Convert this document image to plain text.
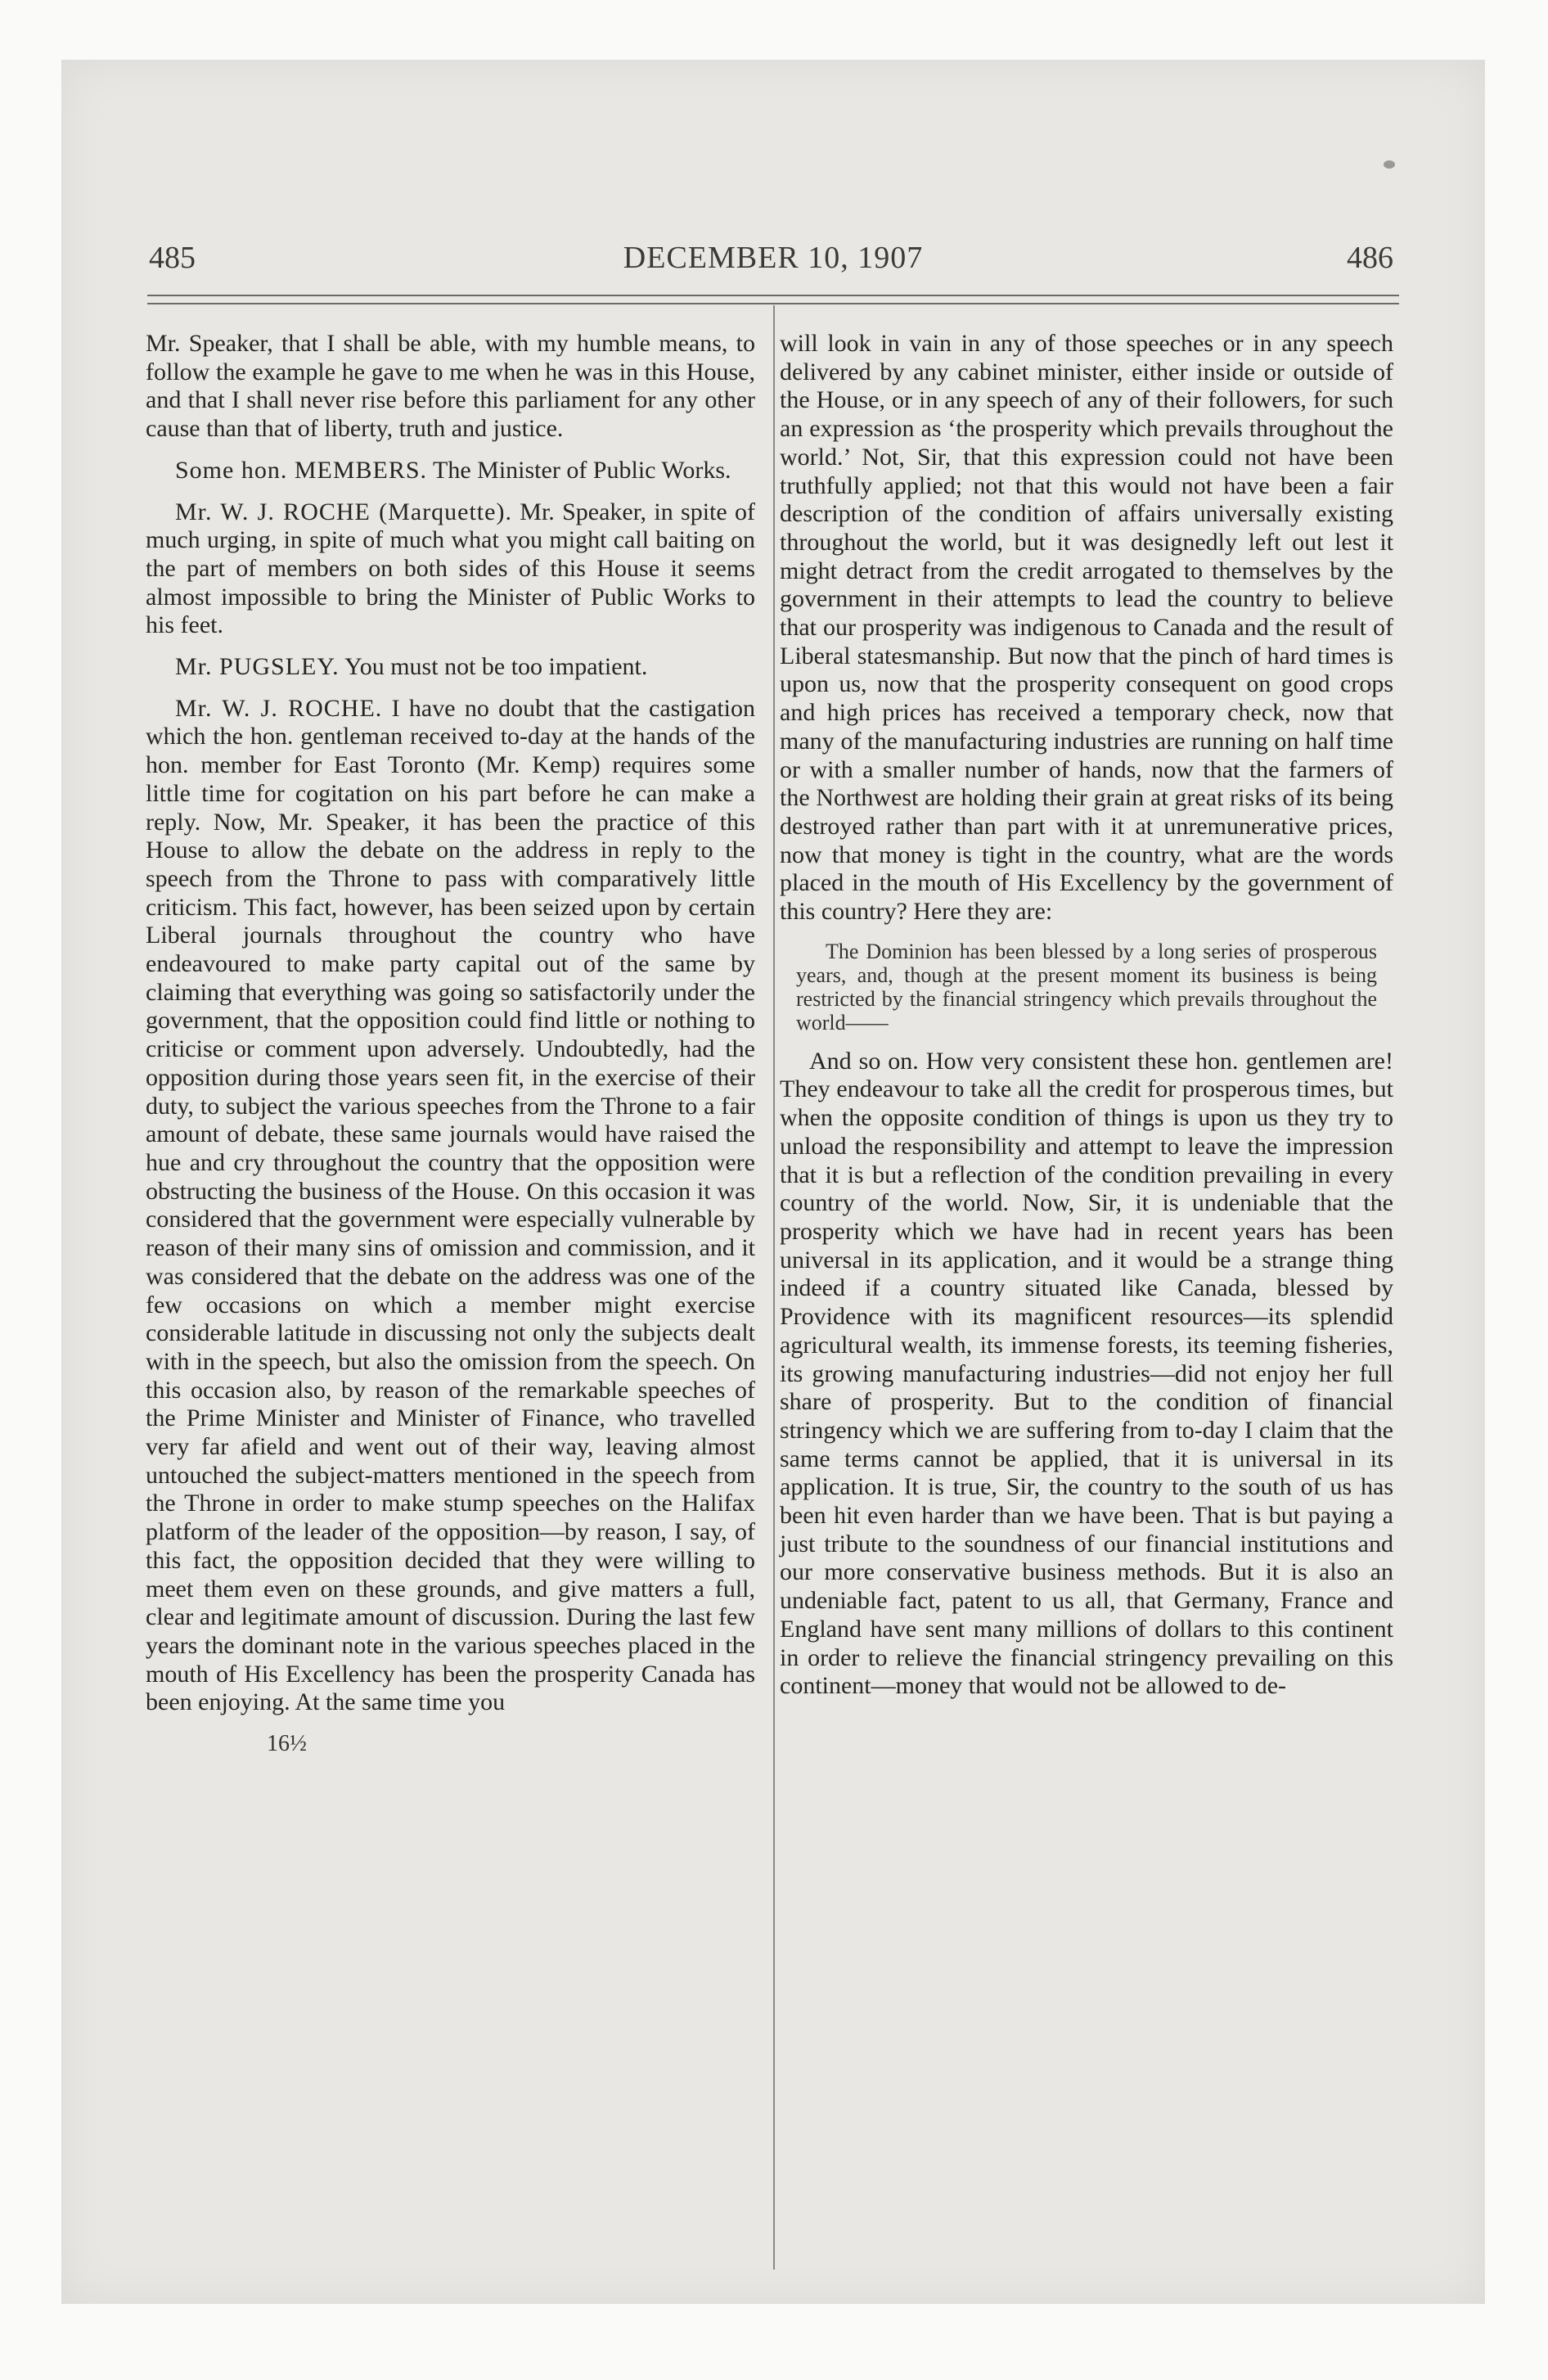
485	DECEMBER 10, 1907	486

Mr. Speaker, that I shall be able, with my humble means, to follow the example he gave to me when he was in this House, and that I shall never rise before this parliament for any other cause than that of liberty, truth and justice.

Some hon. MEMBERS. The Minister of Public Works.

Mr. W. J. ROCHE (Marquette). Mr. Speaker, in spite of much urging, in spite of much what you might call baiting on the part of members on both sides of this House it seems almost impossible to bring the Minister of Public Works to his feet.

Mr. PUGSLEY. You must not be too impatient.

Mr. W. J. ROCHE. I have no doubt that the castigation which the hon. gentleman received to-day at the hands of the hon. member for East Toronto (Mr. Kemp) requires some little time for cogitation on his part before he can make a reply. Now, Mr. Speaker, it has been the practice of this House to allow the debate on the address in reply to the speech from the Throne to pass with comparatively little criticism. This fact, however, has been seized upon by certain Liberal journals throughout the country who have endeavoured to make party capital out of the same by claiming that everything was going so satisfactorily under the government, that the opposition could find little or nothing to criticise or comment upon adversely. Undoubtedly, had the opposition during those years seen fit, in the exercise of their duty, to subject the various speeches from the Throne to a fair amount of debate, these same journals would have raised the hue and cry throughout the country that the opposition were obstructing the business of the House. On this occasion it was considered that the government were especially vulnerable by reason of their many sins of omission and commission, and it was considered that the debate on the address was one of the few occasions on which a member might exercise considerable latitude in discussing not only the subjects dealt with in the speech, but also the omission from the speech. On this occasion also, by reason of the remarkable speeches of the Prime Minister and Minister of Finance, who travelled very far afield and went out of their way, leaving almost untouched the subject-matters mentioned in the speech from the Throne in order to make stump speeches on the Halifax platform of the leader of the opposition—by reason, I say, of this fact, the opposition decided that they were willing to meet them even on these grounds, and give matters a full, clear and legitimate amount of discussion. During the last few years the dominant note in the various speeches placed in the mouth of His Excellency has been the prosperity Canada has been enjoying. At the same time you

16½

will look in vain in any of those speeches or in any speech delivered by any cabinet minister, either inside or outside of the House, or in any speech of any of their followers, for such an expression as ‘the prosperity which prevails throughout the world.’ Not, Sir, that this expression could not have been truthfully applied; not that this would not have been a fair description of the condition of affairs universally existing throughout the world, but it was designedly left out lest it might detract from the credit arrogated to themselves by the government in their attempts to lead the country to believe that our prosperity was indigenous to Canada and the result of Liberal statesmanship. But now that the pinch of hard times is upon us, now that the prosperity consequent on good crops and high prices has received a temporary check, now that many of the manufacturing industries are running on half time or with a smaller number of hands, now that the farmers of the Northwest are holding their grain at great risks of its being destroyed rather than part with it at unremunerative prices, now that money is tight in the country, what are the words placed in the mouth of His Excellency by the government of this country? Here they are:

The Dominion has been blessed by a long series of prosperous years, and, though at the present moment its business is being restricted by the financial stringency which prevails throughout the world——

And so on. How very consistent these hon. gentlemen are! They endeavour to take all the credit for prosperous times, but when the opposite condition of things is upon us they try to unload the responsibility and attempt to leave the impression that it is but a reflection of the condition prevailing in every country of the world. Now, Sir, it is undeniable that the prosperity which we have had in recent years has been universal in its application, and it would be a strange thing indeed if a country situated like Canada, blessed by Providence with its magnificent resources—its splendid agricultural wealth, its immense forests, its teeming fisheries, its growing manufacturing industries—did not enjoy her full share of prosperity. But to the condition of financial stringency which we are suffering from to-day I claim that the same terms cannot be applied, that it is universal in its application. It is true, Sir, the country to the south of us has been hit even harder than we have been. That is but paying a just tribute to the soundness of our financial institutions and our more conservative business methods. But it is also an undeniable fact, patent to us all, that Germany, France and England have sent many millions of dollars to this continent in order to relieve the financial stringency prevailing on this continent—money that would not be allowed to de-
